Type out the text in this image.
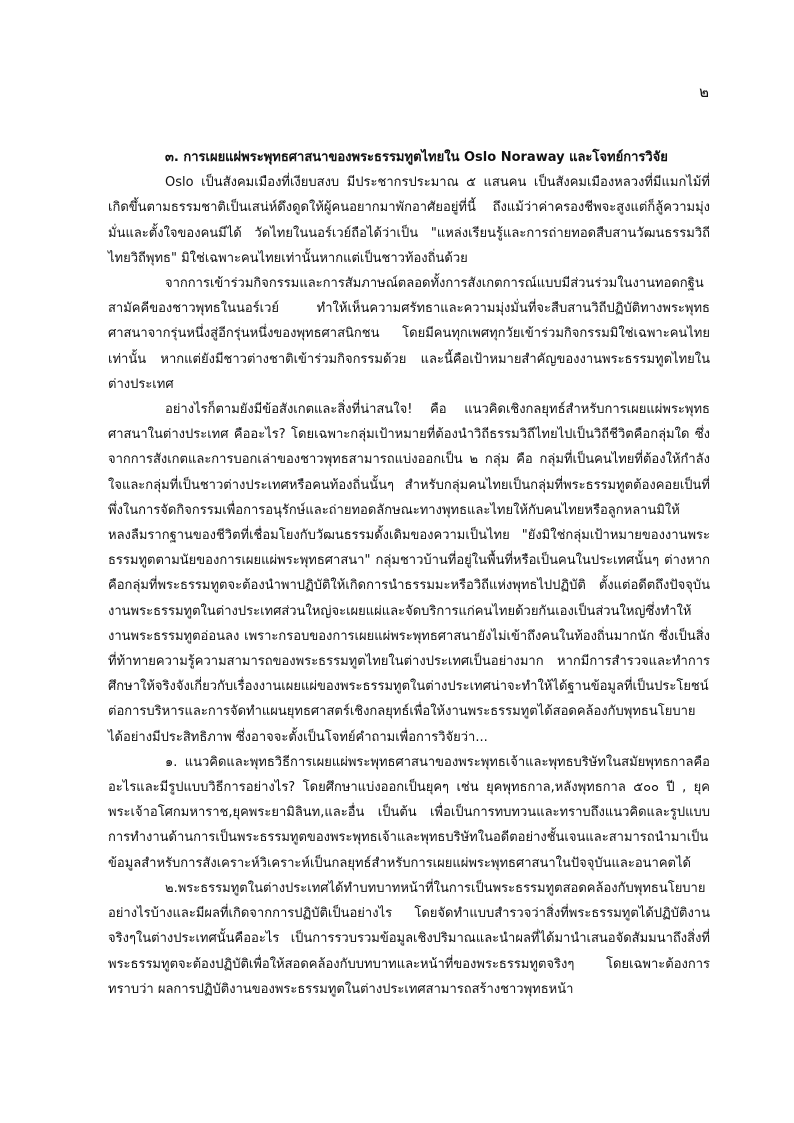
๒

๓. การเผยแผ่พระพุทธศาสนาของพระธรรมทูตไทยใน Oslo Noraway และโจทย์การวิจัย

Oslo เป็นสังคมเมืองที่เงียบสงบ มีประชากรประมาณ ๕ แสนคน เป็นสังคมเมืองหลวงที่มีแมกไม้ที่เกิดขึ้นตามธรรมชาติเป็นเสน่ห์ดึงดูดให้ผู้คนอยากมาพักอาศัยอยู่ที่นี้ ถึงแม้ว่าค่าครองชีพจะสูงแต่ก็ลู้ความมุ่งมั่นและตั้งใจของคนมีได้ วัดไทยในนอร์เวย์ถือได้ว่าเป็น "แหล่งเรียนรู้และการถ่ายทอดสืบสานวัฒนธรรมวิถีไทยวิถีพุทธ" มิใช่เฉพาะคนไทยเท่านั้นหากแต่เป็นชาวท้องถิ่นด้วย

จากการเข้าร่วมกิจกรรมและการสัมภาษณ์ตลอดทั้งการสังเกตการณ์แบบมีส่วนร่วมในงานทอดกฐินสามัคคีของชาวพุทธในนอร์เวย์ ทำให้เห็นความศรัทธาและความมุ่งมั่นที่จะสืบสานวิถีปฏิบัติทางพระพุทธศาสนาจากรุ่นหนึ่งสู่อีกรุ่นหนึ่งของพุทธศาสนิกชน โดยมีคนทุกเพศทุกวัยเข้าร่วมกิจกรรมมิใช่เฉพาะคนไทยเท่านั้น หากแต่ยังมีชาวต่างชาติเข้าร่วมกิจกรรมด้วย และนี้คือเป้าหมายสำคัญของงานพระธรรมทูตไทยในต่างประเทศ

อย่างไรก็ตามยังมีข้อสังเกตและสิ่งที่น่าสนใจ! คือ แนวคิดเชิงกลยุทธ์สำหรับการเผยแผ่พระพุทธศาสนาในต่างประเทศ คืออะไร? โดยเฉพาะกลุ่มเป้าหมายที่ต้องนำวิถีธรรมวิถีไทยไปเป็นวิถีชีวิตคือกลุ่มใด ซึ่งจากการสังเกตและการบอกเล่าของชาวพุทธสามารถแบ่งออกเป็น ๒ กลุ่ม คือ กลุ่มที่เป็นคนไทยที่ต้องให้กำลังใจและกลุ่มที่เป็นชาวต่างประเทศหรือคนท้องถิ่นนั้นๆ สำหรับกลุ่มคนไทยเป็นกลุ่มที่พระธรรมทูตต้องคอยเป็นที่พึ่งในการจัดกิจกรรมเพื่อการอนุรักษ์และถ่ายทอดลักษณะทางพุทธและไทยให้กับคนไทยหรือลูกหลานมิให้หลงลืมรากฐานของชีวิตที่เชื่อมโยงกับวัฒนธรรมดั้งเดิมของความเป็นไทย "ยังมิใช่กลุ่มเป้าหมายของงานพระธรรมทูตตามนัยของการเผยแผ่พระพุทธศาสนา" กลุ่มชาวบ้านที่อยู่ในพื้นที่หรือเป็นคนในประเทศนั้นๆ ต่างหากคือกลุ่มที่พระธรรมทูตจะต้องนำพาปฏิบัติให้เกิดการนำธรรมมะหรือวิถีแห่งพุทธไปปฏิบัติ ตั้งแต่อดีตถึงปัจจุบันงานพระธรรมทูตในต่างประเทศส่วนใหญ่จะเผยแผ่และจัดบริการแก่คนไทยด้วยกันเองเป็นส่วนใหญ่ซึ่งทำให้งานพระธรรมทูตอ่อนลง เพราะกรอบของการเผยแผ่พระพุทธศาสนายังไม่เข้าถึงคนในท้องถิ่นมากนัก ซึ่งเป็นสิ่งที่ท้าทายความรู้ความสามารถของพระธรรมทูตไทยในต่างประเทศเป็นอย่างมาก หากมีการสำรวจและทำการศึกษาให้จริงจังเกี่ยวกับเรื่องงานเผยแผ่ของพระธรรมทูตในต่างประเทศน่าจะทำให้ได้ฐานข้อมูลที่เป็นประโยชน์ต่อการบริหารและการจัดทำแผนยุทธศาสตร์เชิงกลยุทธ์เพื่อให้งานพระธรรมทูตได้สอดคล้องกับพุทธนโยบายได้อย่างมีประสิทธิภาพ ซึ่งอาจจะตั้งเป็นโจทย์คำถามเพื่อการวิจัยว่า...

๑. แนวคิดและพุทธวิธีการเผยแผ่พระพุทธศาสนาของพระพุทธเจ้าและพุทธบริษัทในสมัยพุทธกาลคืออะไรและมีรูปแบบวิธีการอย่างไร? โดยศึกษาแบ่งออกเป็นยุคๆ เช่น ยุคพุทธกาล,หลังพุทธกาล ๕๐๐ ปี , ยุคพระเจ้าอโศกมหาราช,ยุคพระยามิลินท,และอื่น เป็นต้น เพื่อเป็นการทบทวนและทราบถึงแนวคิดและรูปแบบการทำงานด้านการเป็นพระธรรมทูตของพระพุทธเจ้าและพุทธบริษัทในอดีตอย่างชั้นเจนและสามารถนำมาเป็นข้อมูลสำหรับการสังเคราะห์วิเคราะห์เป็นกลยุทธ์สำหรับการเผยแผ่พระพุทธศาสนาในปัจจุบันและอนาคตได้

๒.พระธรรมทูตในต่างประเทศได้ทำบทบาทหน้าที่ในการเป็นพระธรรมทูตสอดคล้องกับพุทธนโยบายอย่างไรบ้างและมีผลที่เกิดจากการปฏิบัติเป็นอย่างไร โดยจัดทำแบบสำรวจว่าสิ่งที่พระธรรมทูตได้ปฏิบัติงานจริงๆในต่างประเทศนั้นคืออะไร เป็นการรวบรวมข้อมูลเชิงปริมาณและนำผลที่ได้มานำเสนอจัดสัมมนาถึงสิ่งที่พระธรรมทูตจะต้องปฏิบัติเพื่อให้สอดคล้องกับบทบาทและหน้าที่ของพระธรรมทูตจริงๆ โดยเฉพาะต้องการทราบว่า ผลการปฏิบัติงานของพระธรรมทูตในต่างประเทศสามารถสร้างชาวพุทธหน้า
